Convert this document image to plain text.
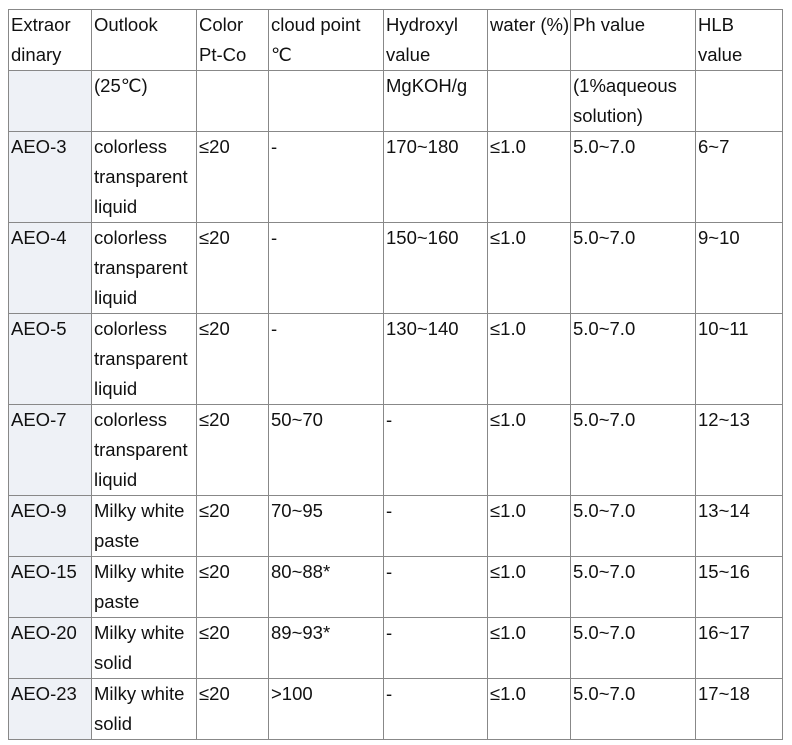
Extraor dinary	Outlook	Color Pt-Co	cloud point ℃	Hydroxyl value	water (%)	Ph value	HLB value
	(25℃)			MgKOH/g		(1%aqueous solution)	
AEO-3	colorless transparent liquid	≤20	-	170~180	≤1.0	5.0~7.0	6~7
AEO-4	colorless transparent liquid	≤20	-	150~160	≤1.0	5.0~7.0	9~10
AEO-5	colorless transparent liquid	≤20	-	130~140	≤1.0	5.0~7.0	10~11
AEO-7	colorless transparent liquid	≤20	50~70	-	≤1.0	5.0~7.0	12~13
AEO-9	Milky white paste	≤20	70~95	-	≤1.0	5.0~7.0	13~14
AEO-15	Milky white paste	≤20	80~88*	-	≤1.0	5.0~7.0	15~16
AEO-20	Milky white solid	≤20	89~93*	-	≤1.0	5.0~7.0	16~17
AEO-23	Milky white solid	≤20	>100	-	≤1.0	5.0~7.0	17~18
